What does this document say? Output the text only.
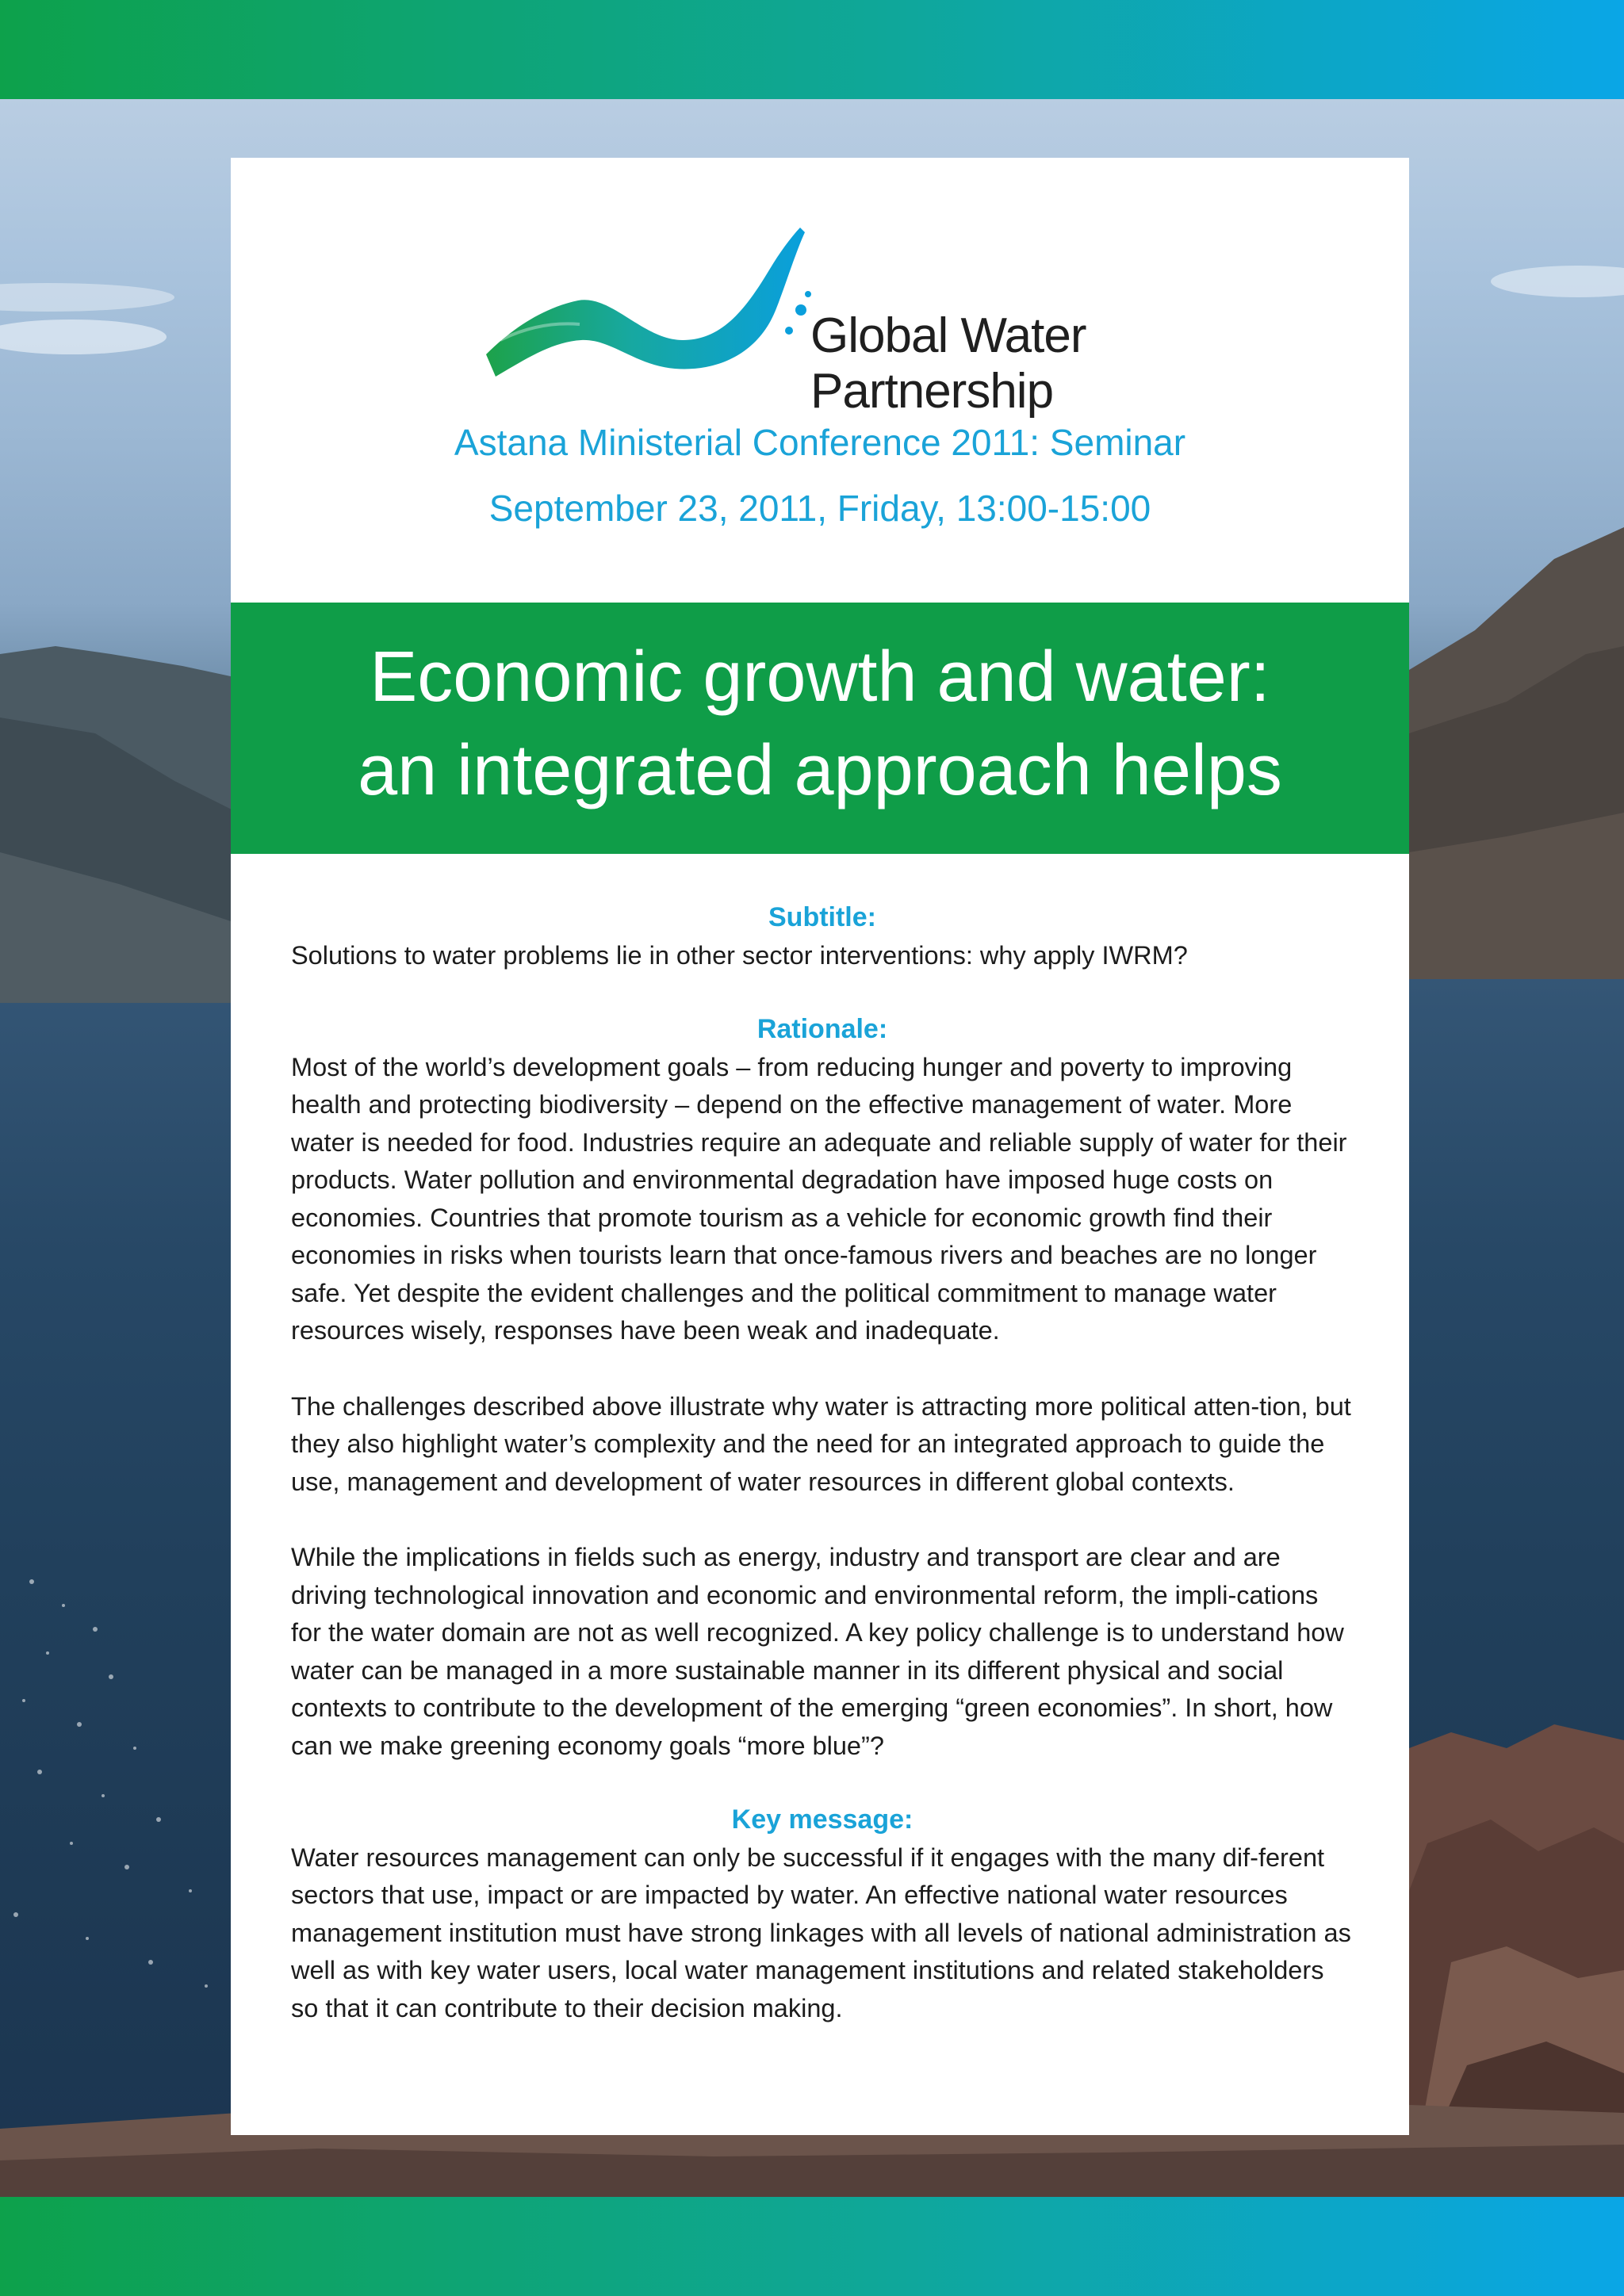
Global Water
Partnership

Astana Ministerial Conference 2011: Seminar

September 23, 2011, Friday, 13:00-15:00

Economic growth and water:
an integrated approach helps
Subtitle:

Solutions to water problems lie in other sector interventions: why apply IWRM?

Rationale:

Most of the world’s development goals – from reducing hunger and poverty to improving health and protecting biodiversity – depend on the effective management of water. More water is needed for food. Industries require an adequate and reliable supply of water for their products. Water pollution and environmental degradation have imposed huge costs on economies. Countries that promote tourism as a vehicle for economic growth find their economies in risks when tourists learn that once-famous rivers and beaches are no longer safe. Yet despite the evident challenges and the political commitment to manage water resources wisely, responses have been weak and inadequate.

The challenges described above illustrate why water is attracting more political atten-tion, but they also highlight water’s complexity and the need for an integrated approach to guide the use, management and development of water resources in different global contexts.

While the implications in fields such as energy, industry and transport are clear and are driving technological innovation and economic and environmental reform, the impli-cations for the water domain are not as well recognized. A key policy challenge is to understand how water can be managed in a more sustainable manner in its different physical and social contexts to contribute to the development of the emerging “green economies”. In short, how can we make greening economy goals “more blue”?

Key message:

Water resources management can only be successful if it engages with the many dif-ferent sectors that use, impact or are impacted by water. An effective national water resources management institution must have strong linkages with all levels of national administration as well as with key water users, local water management institutions and related stakeholders so that it can contribute to their decision making.
